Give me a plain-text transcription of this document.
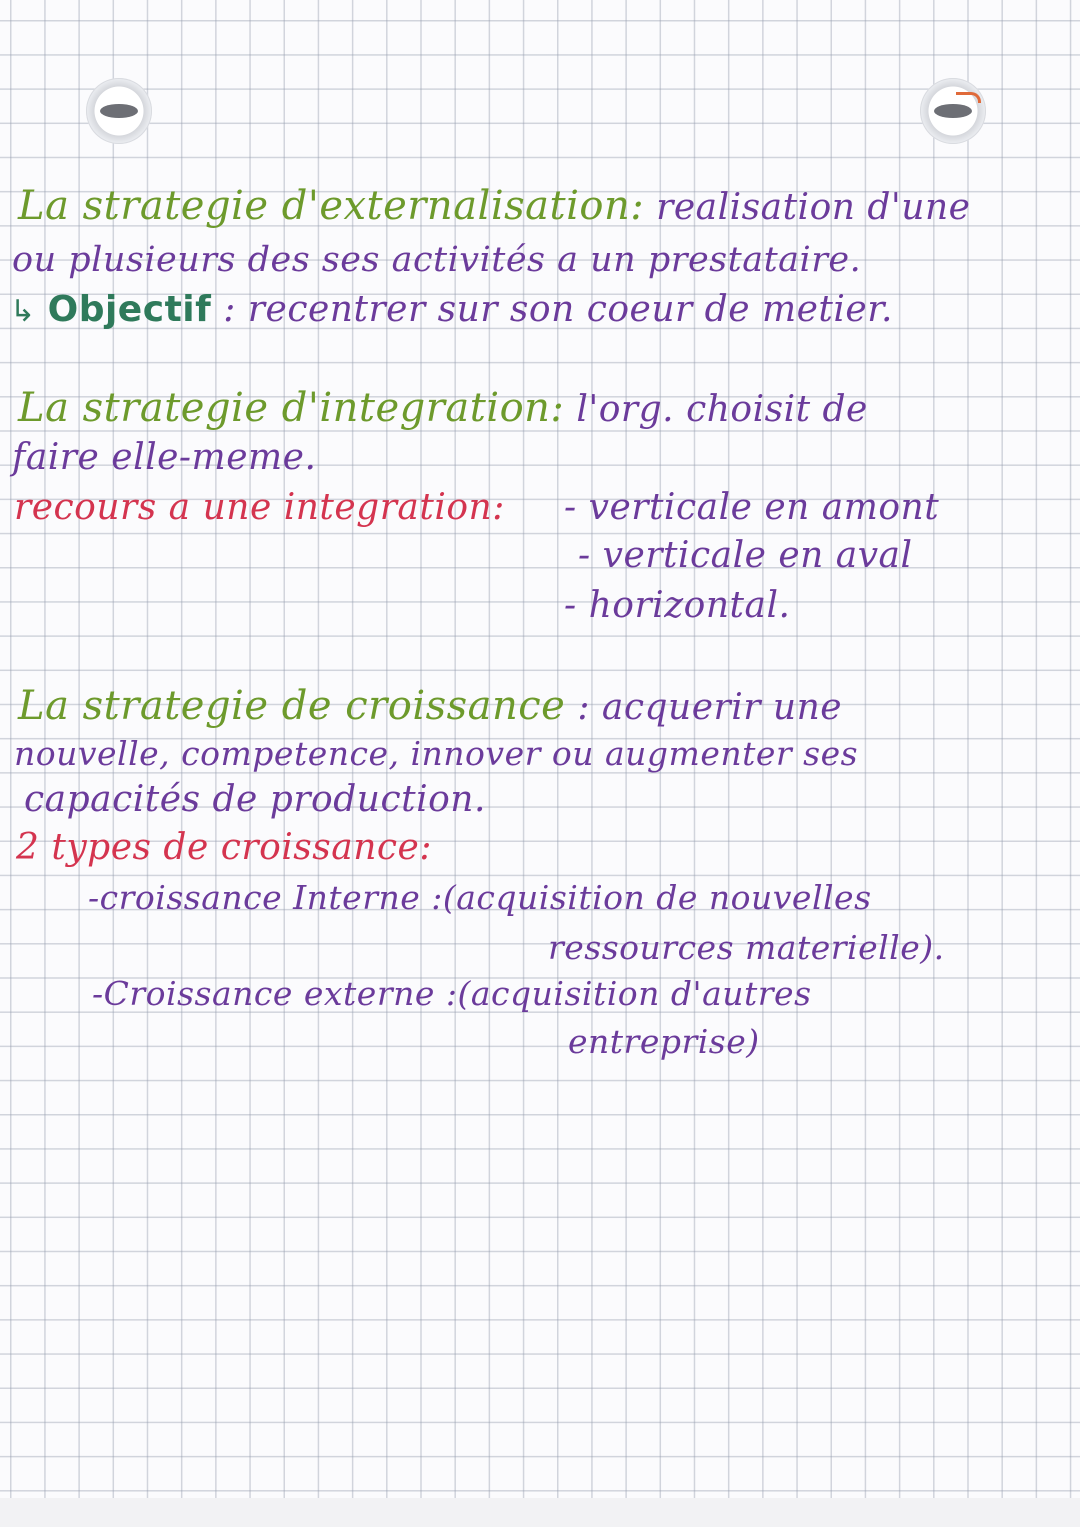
La strategie d'externalisation: realisation d'une
ou plusieurs des ses activités a un prestataire.
↳ Objectif : recentrer sur son coeur de metier.
La strategie d'integration: l'org. choisit de
faire elle-meme.
recours a une integration: - verticale en amont
- verticale en aval
- horizontal.
La strategie de croissance : acquerir une
nouvelle, competence, innover ou augmenter ses
capacités de production.
2 types de croissance:
-croissance Interne :(acquisition de nouvelles
ressources materielle).
-Croissance externe :(acquisition d'autres
entreprise)
